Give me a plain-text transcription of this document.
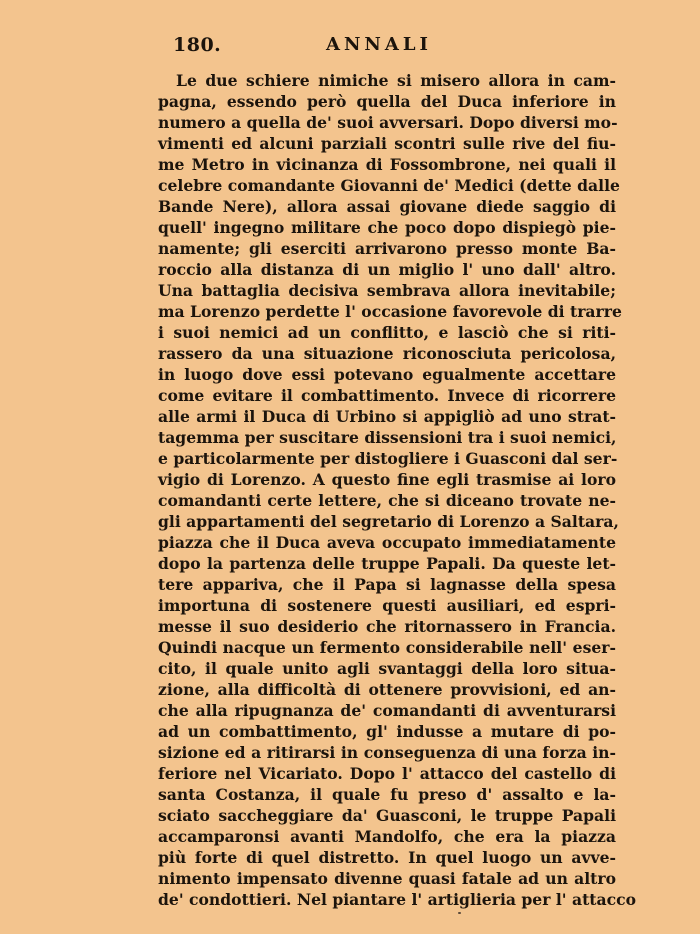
180.	ANNALI
Le due schiere nimiche si misero allora in cam-
pagna, essendo però quella del Duca inferiore in
numero a quella de' suoi avversari. Dopo diversi mo-
vimenti ed alcuni parziali scontri sulle rive del fiu-
me Metro in vicinanza di Fossombrone, nei quali il
celebre comandante Giovanni de' Medici (dette dalle
Bande Nere), allora assai giovane diede saggio di
quell' ingegno militare che poco dopo dispiegò pie-
namente; gli eserciti arrivarono presso monte Ba-
roccio alla distanza di un miglio l' uno dall' altro.
Una battaglia decisiva sembrava allora inevitabile;
ma Lorenzo perdette l' occasione favorevole di trarre
i suoi nemici ad un conflitto, e lasciò che si riti-
rassero da una situazione riconosciuta pericolosa,
in luogo dove essi potevano egualmente accettare
come evitare il combattimento. Invece di ricorrere
alle armi il Duca di Urbino si appigliò ad uno strat-
tagemma per suscitare dissensioni tra i suoi nemici,
e particolarmente per distogliere i Guasconi dal ser-
vigio di Lorenzo. A questo fine egli trasmise ai loro
comandanti certe lettere, che si diceano trovate ne-
gli appartamenti del segretario di Lorenzo a Saltara,
piazza che il Duca aveva occupato immediatamente
dopo la partenza delle truppe Papali. Da queste let-
tere appariva, che il Papa si lagnasse della spesa
importuna di sostenere questi ausiliari, ed espri-
messe il suo desiderio che ritornassero in Francia.
Quindi nacque un fermento considerabile nell' eser-
cito, il quale unito agli svantaggi della loro situa-
zione, alla difficoltà di ottenere provvisioni, ed an-
che alla ripugnanza de' comandanti di avventurarsi
ad un combattimento, gl' indusse a mutare di po-
sizione ed a ritirarsi in conseguenza di una forza in-
feriore nel Vicariato. Dopo l' attacco del castello di
santa Costanza, il quale fu preso d' assalto e la-
sciato saccheggiare da' Guasconi, le truppe Papali
accamparonsi avanti Mandolfo, che era la piazza
più forte di quel distretto. In quel luogo un avve-
nimento impensato divenne quasi fatale ad un altro
de' condottieri. Nel piantare l' artiglieria per l' attacco
